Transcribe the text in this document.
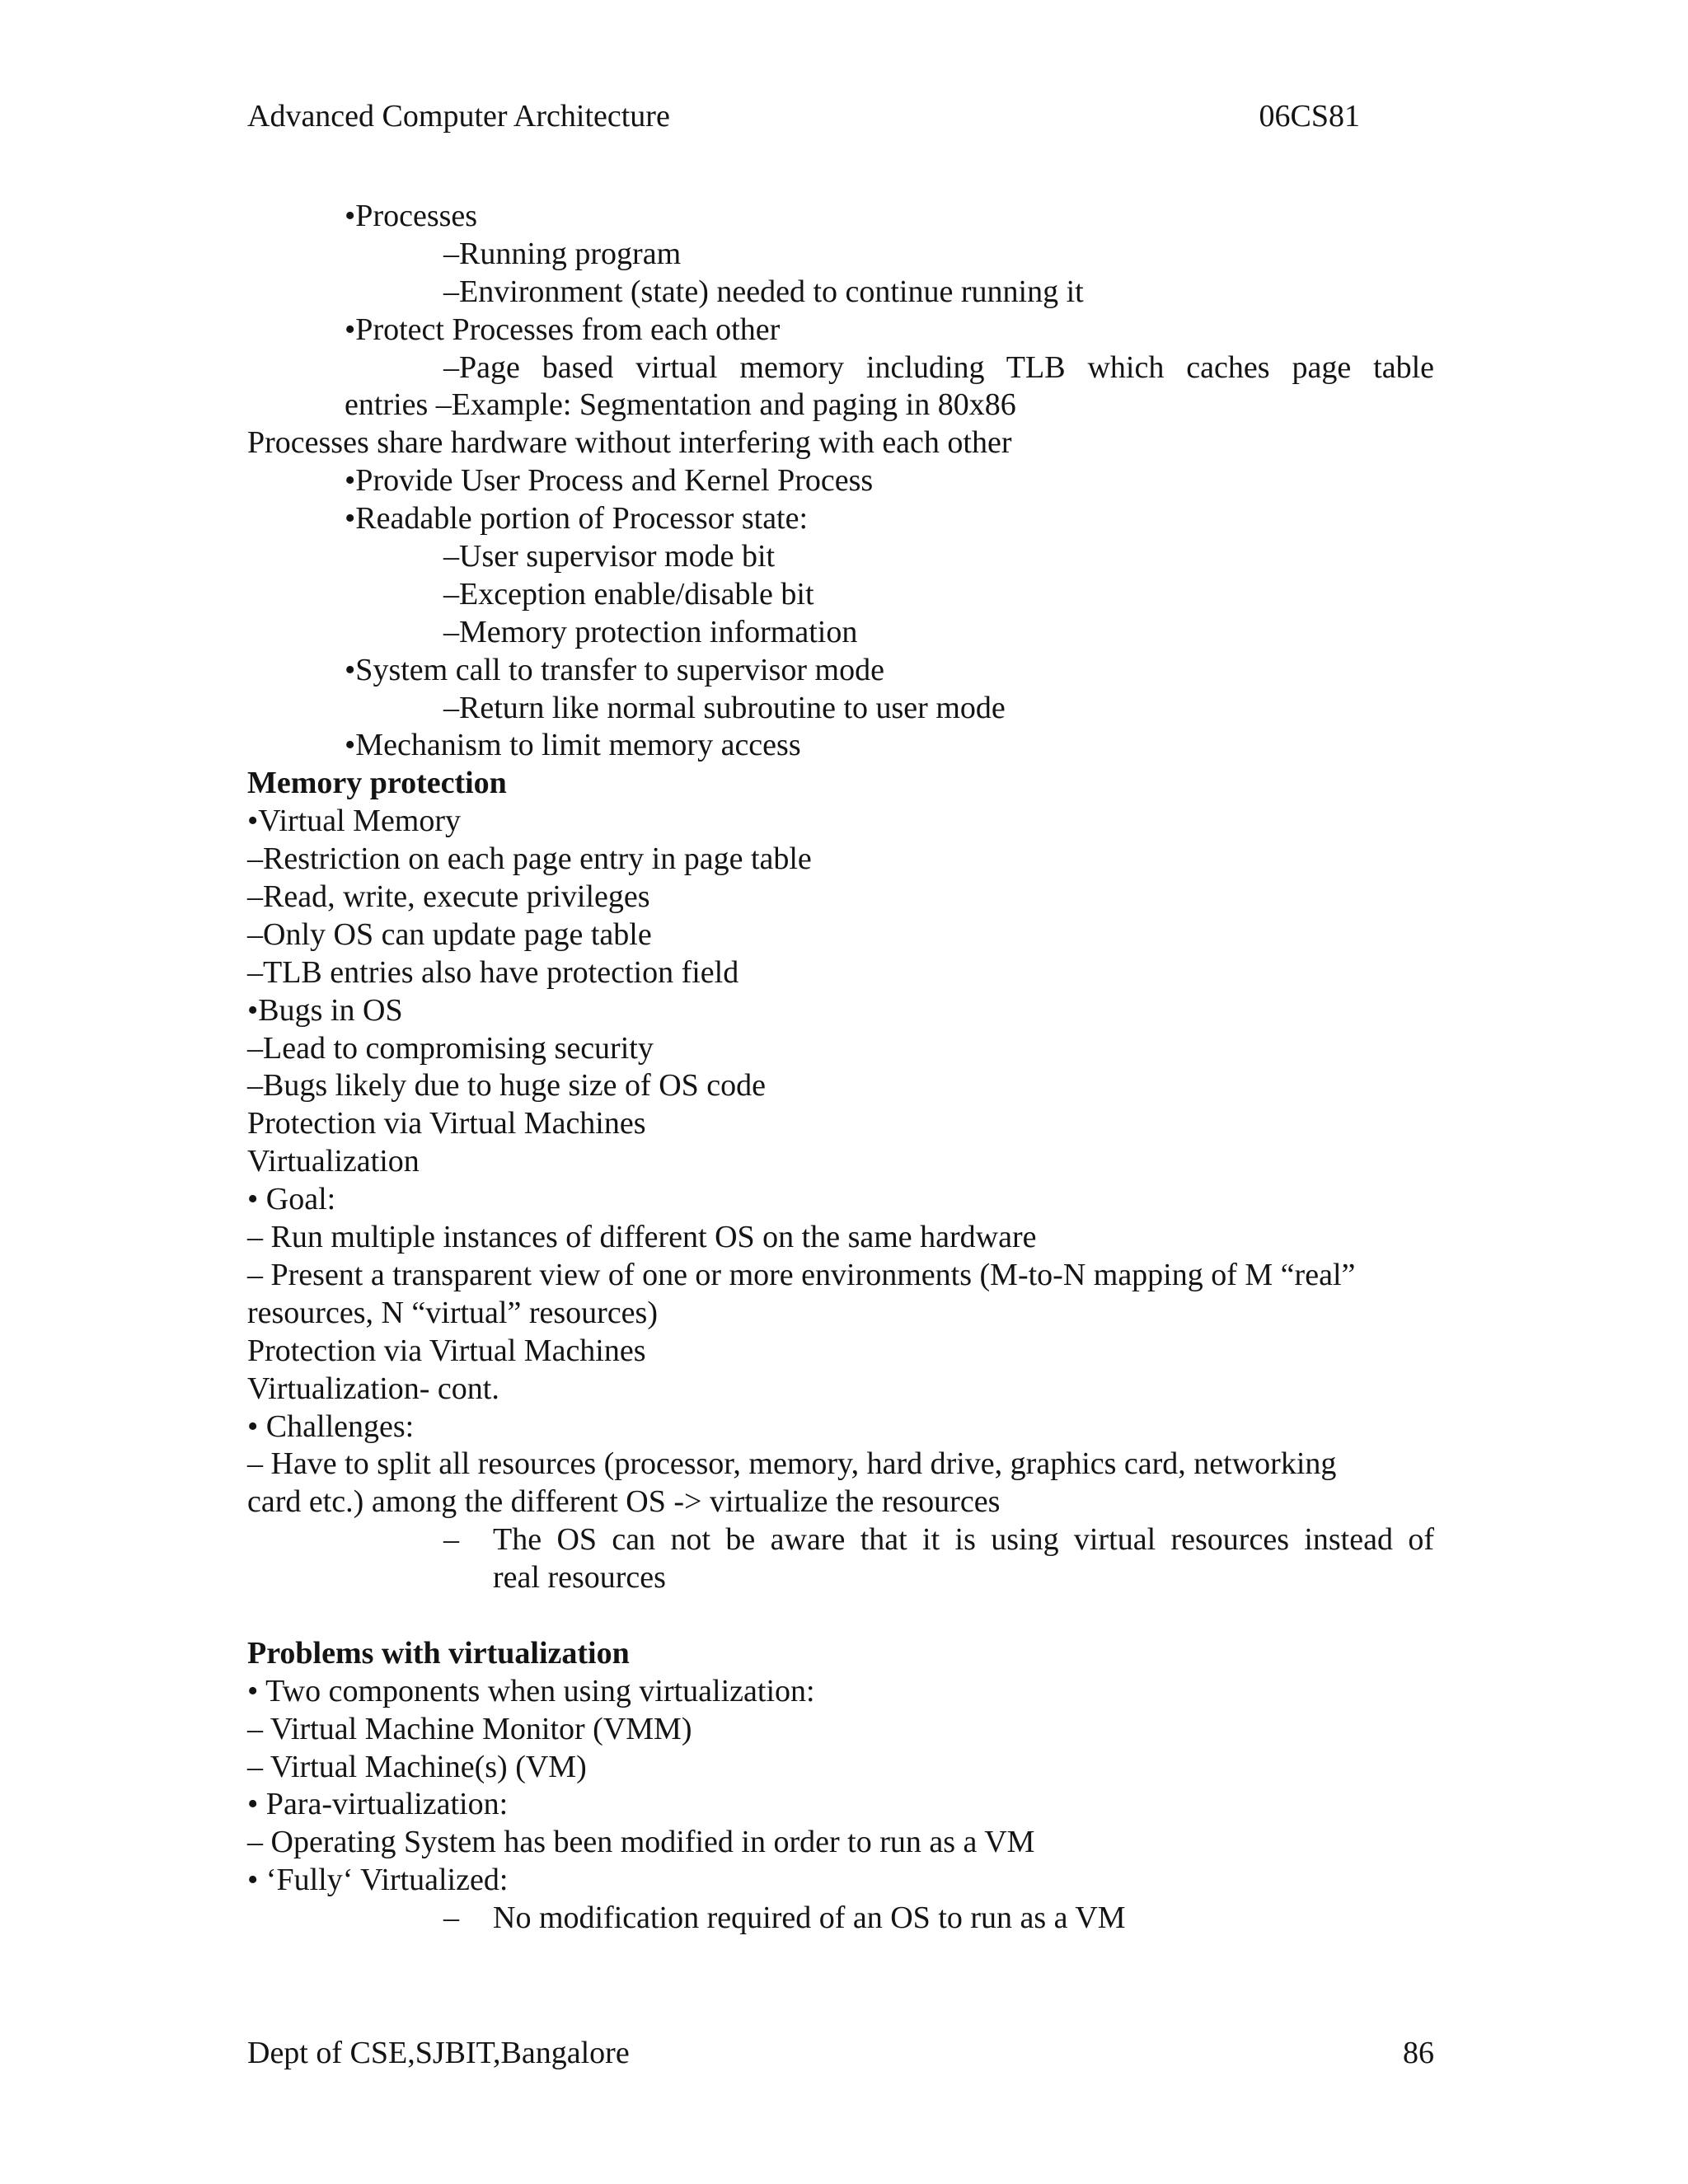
Advanced Computer Architecture	06CS81
•Processes
–Running program
–Environment (state) needed to continue running it
•Protect Processes from each other
–Page based virtual memory including TLB which caches page table
entries –Example: Segmentation and paging in 80x86
Processes share hardware without interfering with each other
•Provide User Process and Kernel Process
•Readable portion of Processor state:
–User supervisor mode bit
–Exception enable/disable bit
–Memory protection information
•System call to transfer to supervisor mode
–Return like normal subroutine to user mode
•Mechanism to limit memory access
Memory protection
•Virtual Memory
–Restriction on each page entry in page table
–Read, write, execute privileges
–Only OS can update page table
–TLB entries also have protection field
•Bugs in OS
–Lead to compromising security
–Bugs likely due to huge size of OS code
Protection via Virtual Machines
Virtualization
• Goal:
– Run multiple instances of different OS on the same hardware
– Present a transparent view of one or more environments (M-to-N mapping of M “real”
resources, N “virtual” resources)
Protection via Virtual Machines
Virtualization- cont.
• Challenges:
– Have to split all resources (processor, memory, hard drive, graphics card, networking
card etc.) among the different OS -> virtualize the resources
– The OS can not be aware that it is using virtual resources instead of
real resources
Problems with virtualization
• Two components when using virtualization:
– Virtual Machine Monitor (VMM)
– Virtual Machine(s) (VM)
• Para-virtualization:
– Operating System has been modified in order to run as a VM
• ‘Fully‘ Virtualized:
– No modification required of an OS to run as a VM
Dept of CSE,SJBIT,Bangalore	86
